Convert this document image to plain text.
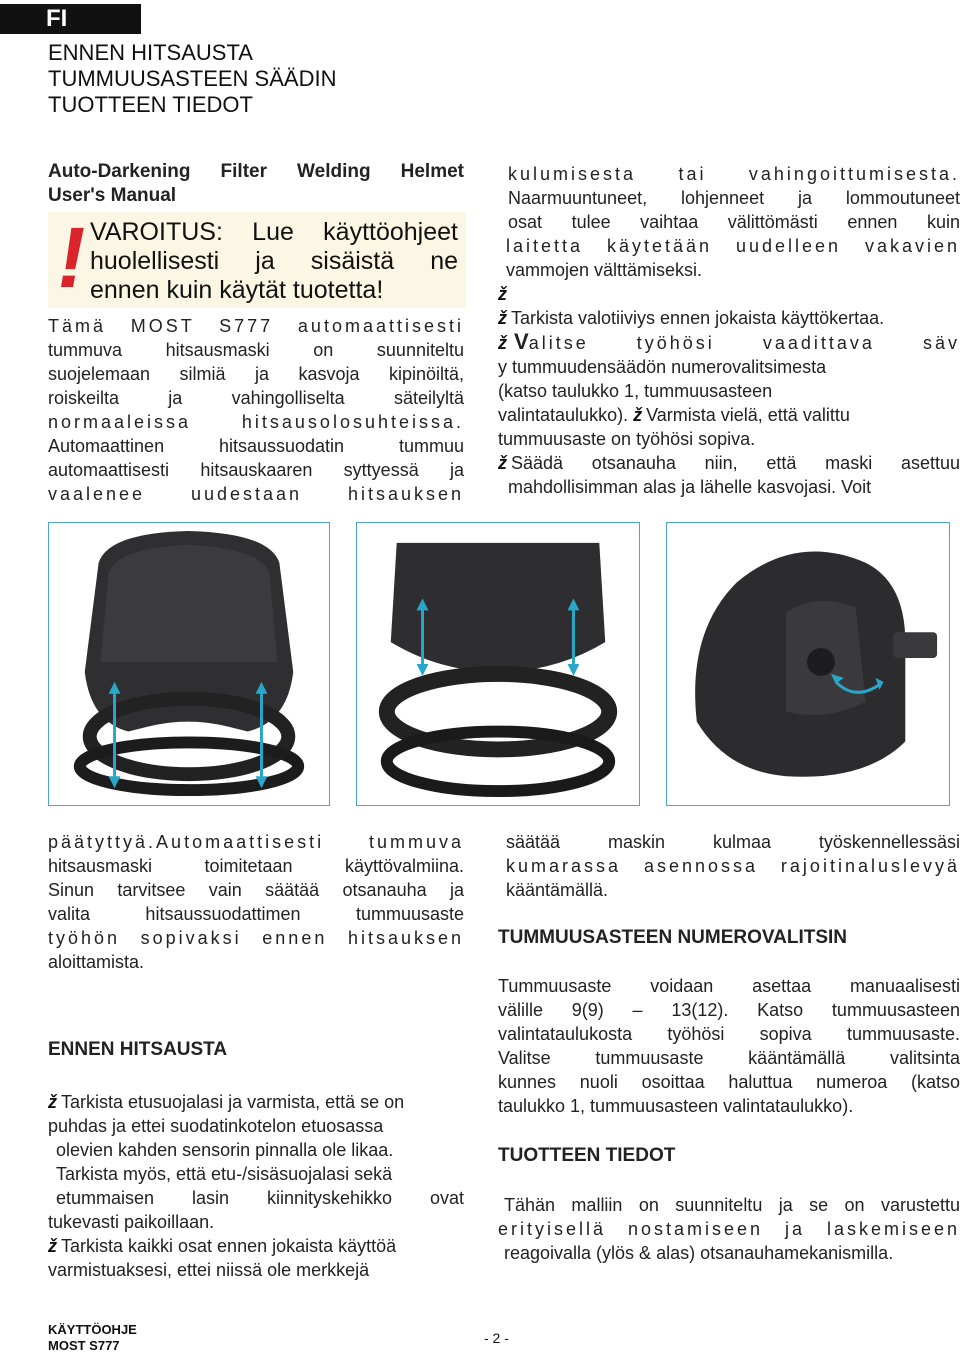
FI
ENNEN HITSAUSTA
TUMMUUSASTEEN SÄÄDIN
TUOTTEEN TIEDOT

Auto-Darkening Filter Welding Helmet

User's Manual

!
VAROITUS: Lue käyttöohjeet
huolellisesti ja sisäistä ne
ennen kuin käytät tuotetta!

Tämä MOST S777 automaattisesti

tummuva hitsausmaski on suunniteltu

suojelemaan silmiä ja kasvoja kipinöiltä,

roiskeilta ja vahingolliselta säteilyltä

normaaleissa hitsausolosuhteissa.

Automaattinen hitsaussuodatin tummuu

automaattisesti hitsauskaaren syttyessä ja

vaalenee uudestaan hitsauksen

kulumisesta tai vahingoittumisesta.

Naarmuuntuneet, lohjenneet ja lommoutuneet

osat tulee vaihtaa välittömästi ennen kuin

laitetta käytetään uudelleen vakavien

vammojen välttämiseksi.

ž

ž Tarkista valotiiviys ennen jokaista käyttökertaa.

ž Valitse työhösi vaadittava säv

y tummuudensäädön numerovalitsimesta

(katso taulukko 1, tummuusasteen

valintataulukko). ž Varmista vielä, että valittu

tummuusaste on työhösi sopiva.

ž Säädä otsanauha niin, että maski asettuu

mahdollisimman alas ja lähelle kasvojasi. Voit

päätyttyä.Automaattisesti tummuva

hitsausmaski toimitetaan käyttövalmiina.

Sinun tarvitsee vain säätää otsanauha ja

valita hitsaussuodattimen tummuusaste

työhön sopivaksi ennen hitsauksen

aloittamista.

ENNEN HITSAUSTA

ž Tarkista etusuojalasi ja varmista, että se on

puhdas ja ettei suodatinkotelon etuosassa

olevien kahden sensorin pinnalla ole likaa.

Tarkista myös, että etu-/sisäsuojalasi sekä

etummaisen lasin kiinnityskehikko ovat

tukevasti paikoillaan.

ž Tarkista kaikki osat ennen jokaista käyttöä

varmistuaksesi, ettei niissä ole merkkejä

säätää maskin kulmaa työskennellessäsi

kumarassa asennossa rajoitinaluslevyä

kääntämällä.

TUMMUUSASTEEN NUMEROVALITSIN

Tummuusaste voidaan asettaa manuaalisesti

välille 9(9) – 13(12). Katso tummuusasteen

valintataulukosta työhösi sopiva tummuusaste.

Valitse tummuusaste kääntämällä valitsinta

kunnes nuoli osoittaa haluttua numeroa (katso

taulukko 1, tummuusasteen valintataulukko).

TUOTTEEN TIEDOT

Tähän malliin on suunniteltu ja se on varustettu

erityisellä nostamiseen ja laskemiseen

reagoivalla (ylös & alas) otsanauhamekanismilla.

KÄYTTÖOHJE
MOST S777	- 2 -
